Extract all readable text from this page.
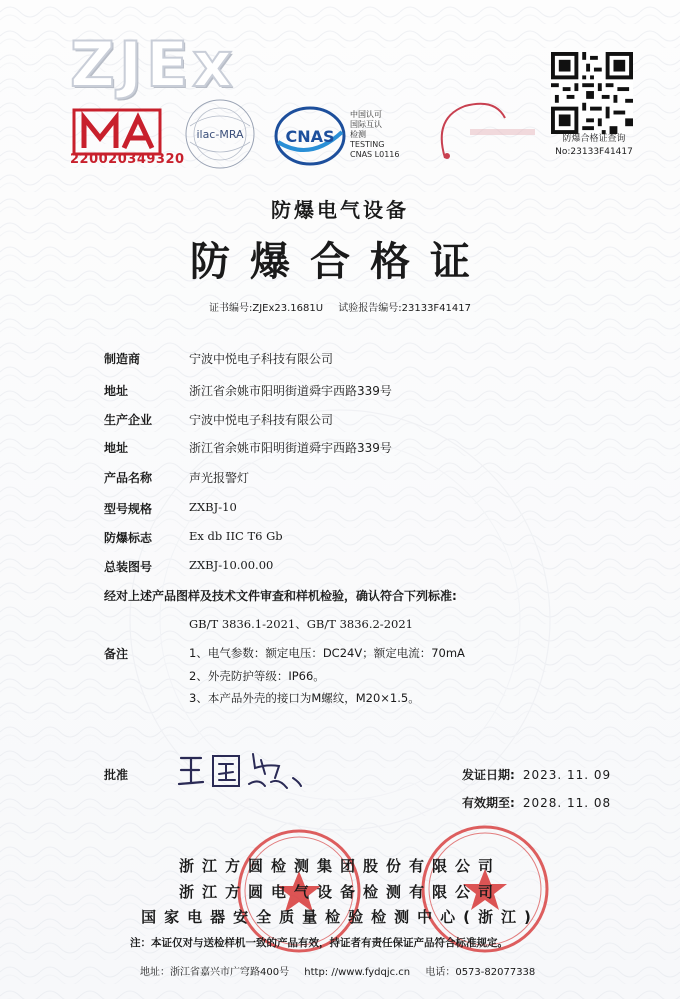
ZJEx
220020349320
ilac-MRA	CNAS
中国认可
国际互认
检测
TESTING
CNAS L0116
防爆合格证查询
No:23133F41417
防爆电气设备
防爆合格证
证书编号:ZJEx23.1681U 试验报告编号:23133F41417
制造商	宁波中悦电子科技有限公司
地址	浙江省余姚市阳明街道舜宇西路339号
生产企业	宁波中悦电子科技有限公司
地址	浙江省余姚市阳明街道舜宇西路339号
产品名称	声光报警灯
型号规格	ZXBJ-10
防爆标志	Ex db IIC T6 Gb
总装图号	ZXBJ-10.00.00
经对上述产品图样及技术文件审查和样机检验，确认符合下列标准:
GB/T 3836.1-2021、GB/T 3836.2-2021
备注	1、电气参数：额定电压：DC24V；额定电流：70mA
2、外壳防护等级：IP66。
3、本产品外壳的接口为M螺纹，M20×1.5。
批准	发证日期: 2023. 11. 09
有效期至: 2028. 11. 08
浙江方圆检测集团股份有限公司
浙江方圆电气设备检测有限公司
国家电器安全质量检验检测中心(浙江)
注：本证仅对与送检样机一致的产品有效，持证者有责任保证产品符合标准规定。
地址：浙江省嘉兴市广穹路400号 http: //www.fydqjc.cn 电话：0573-82077338
